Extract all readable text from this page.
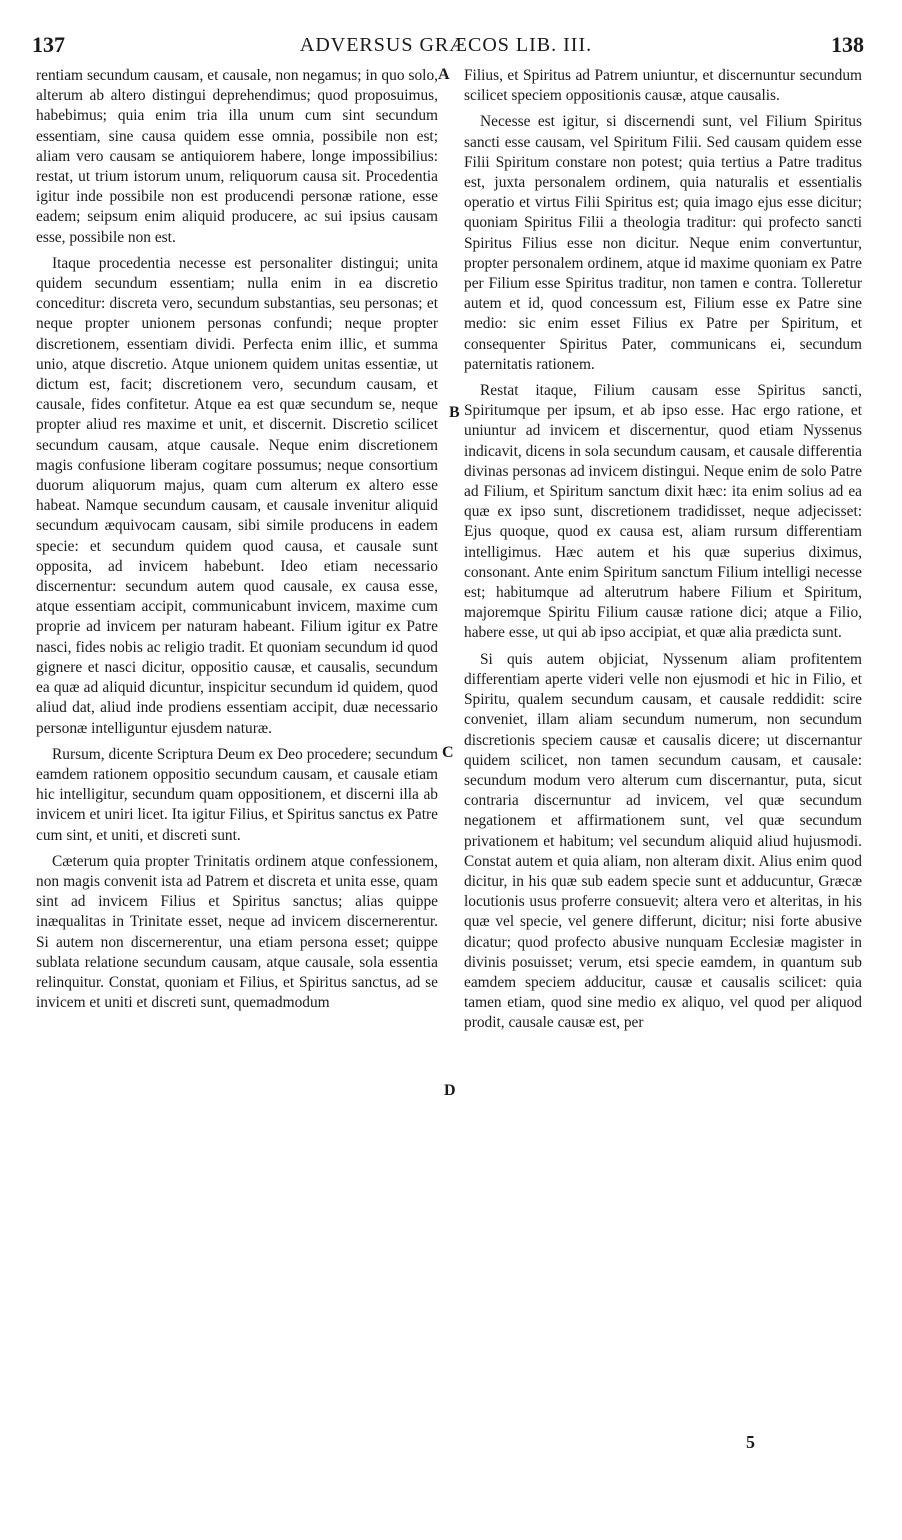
137	ADVERSUS GRÆCOS LIB. III.	138

rentiam secundum causam, et causale, non negamus; in quo solo, alterum ab altero distingui deprehendimus; quod proposuimus, habebimus; quia enim tria illa unum cum sint secundum essentiam, sine causa quidem esse omnia, possibile non est; aliam vero causam se antiquiorem habere, longe impossibilius: restat, ut trium istorum unum, reliquorum causa sit. Procedentia igitur inde possibile non est producendi personæ ratione, esse eadem; seipsum enim aliquid producere, ac sui ipsius causam esse, possibile non est.

Itaque procedentia necesse est personaliter distingui; unita quidem secundum essentiam; nulla enim in ea discretio conceditur: discreta vero, secundum substantias, seu personas; et neque propter unionem personas confundi; neque propter discretionem, essentiam dividi. Perfecta enim illic, et summa unio, atque discretio. Atque unionem quidem unitas essentiæ, ut dictum est, facit; discretionem vero, secundum causam, et causale, fides confitetur. Atque ea est quæ secundum se, neque propter aliud res maxime et unit, et discernit. Discretio scilicet secundum causam, atque causale. Neque enim discretionem magis confusione liberam cogitare possumus; neque consortium duorum aliquorum majus, quam cum alterum ex altero esse habeat. Namque secundum causam, et causale invenitur aliquid secundum æquivocam causam, sibi simile producens in eadem specie: et secundum quidem quod causa, et causale sunt opposita, ad invicem habebunt. Ideo etiam necessario discernentur: secundum autem quod causale, ex causa esse, atque essentiam accipit, communicabunt invicem, maxime cum proprie ad invicem per naturam habeant. Filium igitur ex Patre nasci, fides nobis ac religio tradit. Et quoniam secundum id quod gignere et nasci dicitur, oppositio causæ, et causalis, secundum ea quæ ad aliquid dicuntur, inspicitur secundum id quidem, quod aliud dat, aliud inde prodiens essentiam accipit, duæ necessario personæ intelliguntur ejusdem naturæ.

Rursum, dicente Scriptura Deum ex Deo procedere; secundum eamdem rationem oppositio secundum causam, et causale etiam hic intelligitur, secundum quam oppositionem, et discerni illa ab invicem et uniri licet. Ita igitur Filius, et Spiritus sanctus ex Patre cum sint, et uniti, et discreti sunt.

Cæterum quia propter Trinitatis ordinem atque confessionem, non magis convenit ista ad Patrem et discreta et unita esse, quam sint ad invicem Filius et Spiritus sanctus; alias quippe inæqualitas in Trinitate esset, neque ad invicem discernerentur. Si autem non discernerentur, una etiam persona esset; quippe sublata relatione secundum causam, atque causale, sola essentia relinquitur. Constat, quoniam et Filius, et Spiritus sanctus, ad se invicem et uniti et discreti sunt, quemadmodum

A
B
C
D

Filius, et Spiritus ad Patrem uniuntur, et discernuntur secundum scilicet speciem oppositionis causæ, atque causalis.

Necesse est igitur, si discernendi sunt, vel Filium Spiritus sancti esse causam, vel Spiritum Filii. Sed causam quidem esse Filii Spiritum constare non potest; quia tertius a Patre traditus est, juxta personalem ordinem, quia naturalis et essentialis operatio et virtus Filii Spiritus est; quia imago ejus esse dicitur; quoniam Spiritus Filii a theologia traditur: qui profecto sancti Spiritus Filius esse non dicitur. Neque enim convertuntur, propter personalem ordinem, atque id maxime quoniam ex Patre per Filium esse Spiritus traditur, non tamen e contra. Tolleretur autem et id, quod concessum est, Filium esse ex Patre sine medio: sic enim esset Filius ex Patre per Spiritum, et consequenter Spiritus Pater, communicans ei, secundum paternitatis rationem.

Restat itaque, Filium causam esse Spiritus sancti, Spiritumque per ipsum, et ab ipso esse. Hac ergo ratione, et uniuntur ad invicem et discernentur, quod etiam Nyssenus indicavit, dicens in sola secundum causam, et causale differentia divinas personas ad invicem distingui. Neque enim de solo Patre ad Filium, et Spiritum sanctum dixit hæc: ita enim solius ad ea quæ ex ipso sunt, discretionem tradidisset, neque adjecisset: Ejus quoque, quod ex causa est, aliam rursum differentiam intelligimus. Hæc autem et his quæ superius diximus, consonant. Ante enim Spiritum sanctum Filium intelligi necesse est; habitumque ad alterutrum habere Filium et Spiritum, majoremque Spiritu Filium causæ ratione dici; atque a Filio, habere esse, ut qui ab ipso accipiat, et quæ alia prædicta sunt.

Si quis autem objiciat, Nyssenum aliam profitentem differentiam aperte videri velle non ejusmodi et hic in Filio, et Spiritu, qualem secundum causam, et causale reddidit: scire conveniet, illam aliam secundum numerum, non secundum discretionis speciem causæ et causalis dicere; ut discernantur quidem scilicet, non tamen secundum causam, et causale: secundum modum vero alterum cum discernantur, puta, sicut contraria discernuntur ad invicem, vel quæ secundum negationem et affirmationem sunt, vel quæ secundum privationem et habitum; vel secundum aliquid aliud hujusmodi. Constat autem et quia aliam, non alteram dixit. Alius enim quod dicitur, in his quæ sub eadem specie sunt et adducuntur, Græcæ locutionis usus proferre consuevit; altera vero et alteritas, in his quæ vel specie, vel genere differunt, dicitur; nisi forte abusive dicatur; quod profecto abusive nunquam Ecclesiæ magister in divinis posuisset; verum, etsi specie eamdem, in quantum sub eamdem speciem adducitur, causæ et causalis scilicet: quia tamen etiam, quod sine medio ex aliquo, vel quod per aliquod prodit, causale causæ est, per

5
